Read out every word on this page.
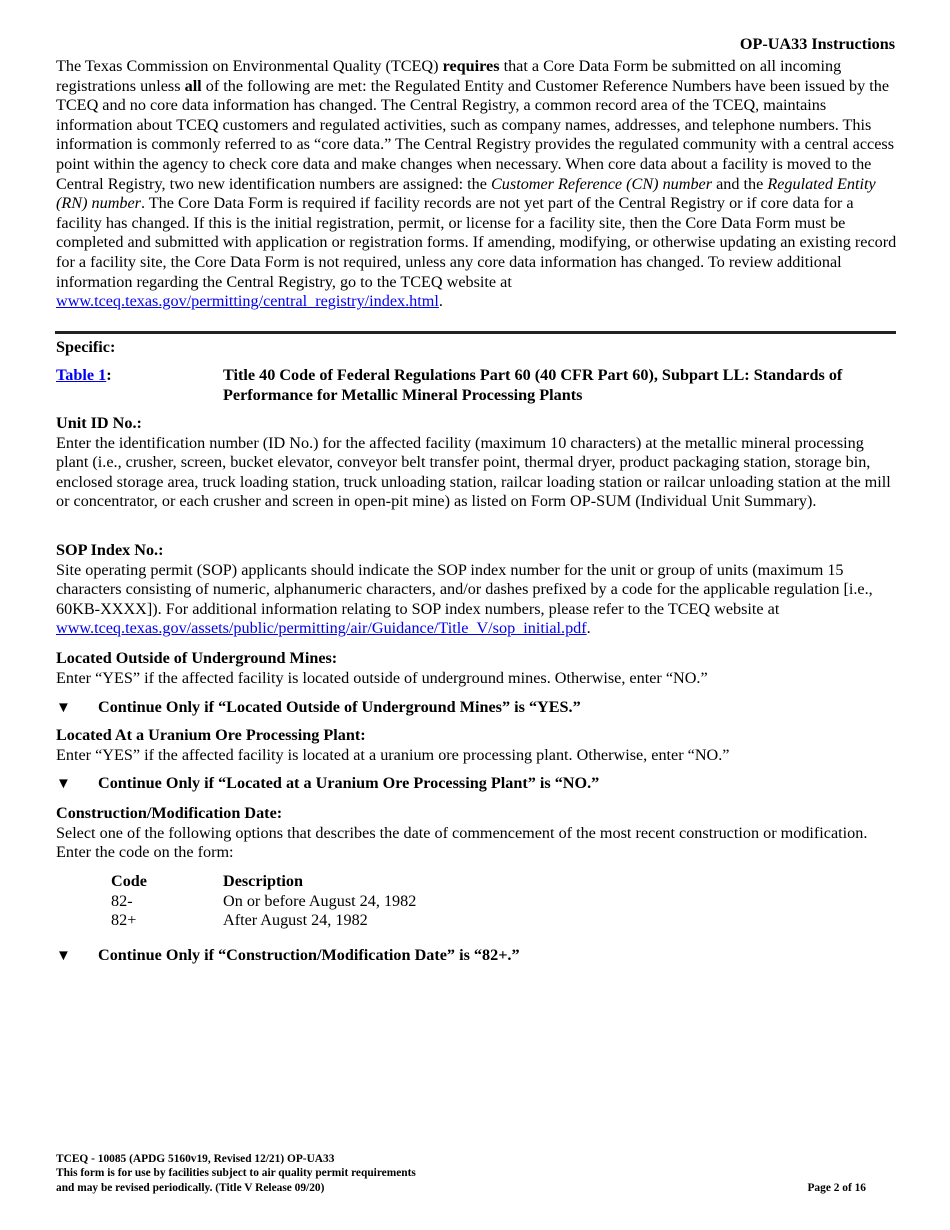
OP-UA33 Instructions
The Texas Commission on Environmental Quality (TCEQ) requires that a Core Data Form be submitted on all incoming registrations unless all of the following are met: the Regulated Entity and Customer Reference Numbers have been issued by the TCEQ and no core data information has changed. The Central Registry, a common record area of the TCEQ, maintains information about TCEQ customers and regulated activities, such as company names, addresses, and telephone numbers. This information is commonly referred to as “core data.” The Central Registry provides the regulated community with a central access point within the agency to check core data and make changes when necessary. When core data about a facility is moved to the Central Registry, two new identification numbers are assigned: the Customer Reference (CN) number and the Regulated Entity (RN) number. The Core Data Form is required if facility records are not yet part of the Central Registry or if core data for a facility has changed. If this is the initial registration, permit, or license for a facility site, then the Core Data Form must be completed and submitted with application or registration forms. If amending, modifying, or otherwise updating an existing record for a facility site, the Core Data Form is not required, unless any core data information has changed. To review additional information regarding the Central Registry, go to the TCEQ website at www.tceq.texas.gov/permitting/central_registry/index.html.
Specific:
Table 1:	Title 40 Code of Federal Regulations Part 60 (40 CFR Part 60), Subpart LL: Standards of Performance for Metallic Mineral Processing Plants
Unit ID No.:
Enter the identification number (ID No.) for the affected facility (maximum 10 characters) at the metallic mineral processing plant (i.e., crusher, screen, bucket elevator, conveyor belt transfer point, thermal dryer, product packaging station, storage bin, enclosed storage area, truck loading station, truck unloading station, railcar loading station or railcar unloading station at the mill or concentrator, or each crusher and screen in open-pit mine) as listed on Form OP-SUM (Individual Unit Summary).
SOP Index No.:
Site operating permit (SOP) applicants should indicate the SOP index number for the unit or group of units (maximum 15 characters consisting of numeric, alphanumeric characters, and/or dashes prefixed by a code for the applicable regulation [i.e., 60KB-XXXX]). For additional information relating to SOP index numbers, please refer to the TCEQ website at www.tceq.texas.gov/assets/public/permitting/air/Guidance/Title_V/sop_initial.pdf.
Located Outside of Underground Mines:
Enter “YES” if the affected facility is located outside of underground mines. Otherwise, enter “NO.”
▼ Continue Only if “Located Outside of Underground Mines” is “YES.”
Located At a Uranium Ore Processing Plant:
Enter “YES” if the affected facility is located at a uranium ore processing plant. Otherwise, enter “NO.”
▼ Continue Only if “Located at a Uranium Ore Processing Plant” is “NO.”
Construction/Modification Date:
Select one of the following options that describes the date of commencement of the most recent construction or modification. Enter the code on the form:
Code	Description
82-	On or before August 24, 1982
82+	After August 24, 1982
▼ Continue Only if “Construction/Modification Date” is “82+.”
TCEQ - 10085 (APDG 5160v19, Revised 12/21) OP-UA33
This form is for use by facilities subject to air quality permit requirements
and may be revised periodically. (Title V Release 09/20)	Page 2 of 16
